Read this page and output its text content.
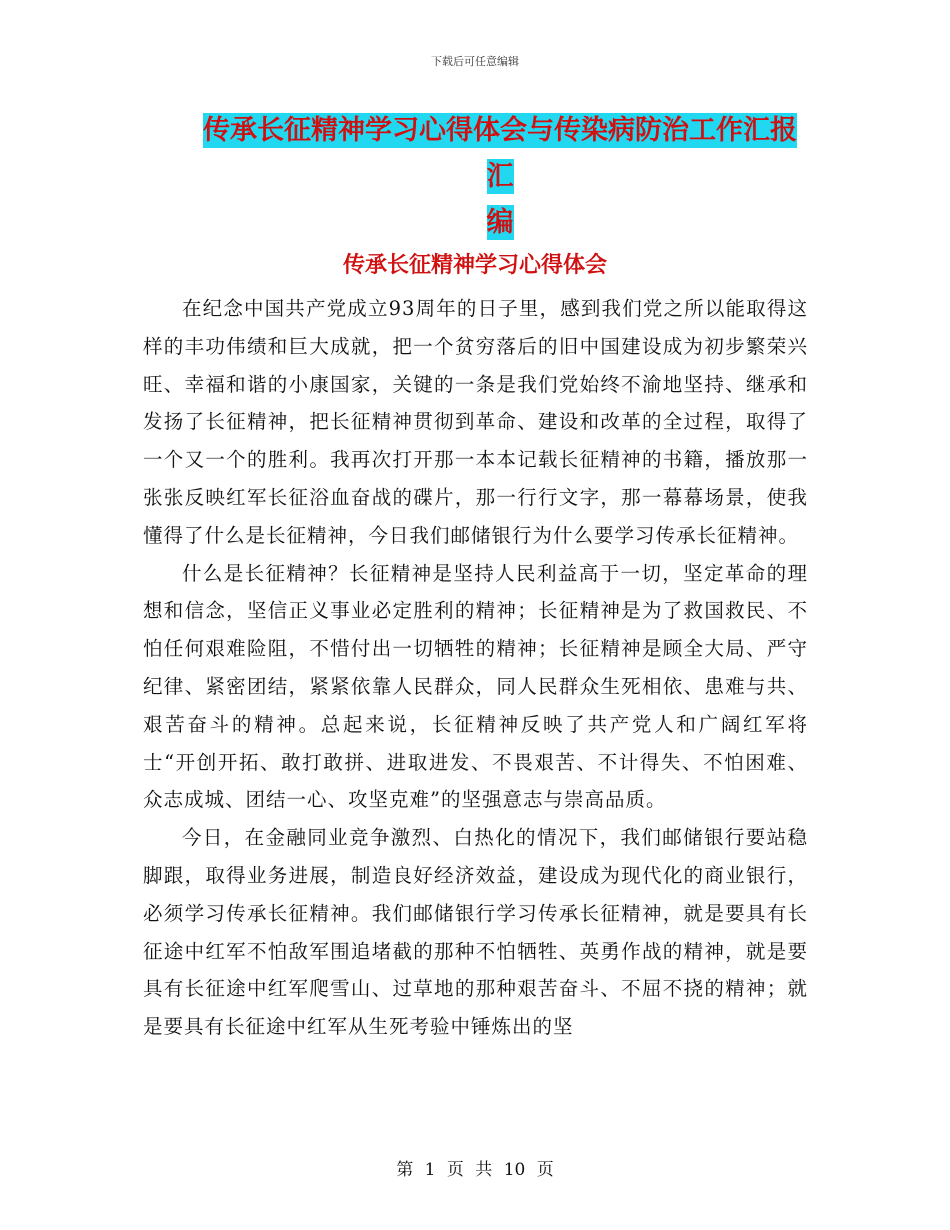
下载后可任意编辑
传承长征精神学习心得体会与传染病防治工作汇报汇
编
传承长征精神学习心得体会

在纪念中国共产党成立93周年的日子里，感到我们党之所以能取得这样的丰功伟绩和巨大成就，把一个贫穷落后的旧中国建设成为初步繁荣兴旺、幸福和谐的小康国家，关键的一条是我们党始终不渝地坚持、继承和发扬了长征精神，把长征精神贯彻到革命、建设和改革的全过程，取得了一个又一个的胜利。我再次打开那一本本记载长征精神的书籍，播放那一张张反映红军长征浴血奋战的碟片，那一行行文字，那一幕幕场景，使我懂得了什么是长征精神，今日我们邮储银行为什么要学习传承长征精神。

什么是长征精神？长征精神是坚持人民利益高于一切，坚定革命的理想和信念，坚信正义事业必定胜利的精神；长征精神是为了救国救民、不怕任何艰难险阻，不惜付出一切牺牲的精神；长征精神是顾全大局、严守纪律、紧密团结，紧紧依靠人民群众，同人民群众生死相依、患难与共、艰苦奋斗的精神。总起来说，长征精神反映了共产党人和广阔红军将士“开创开拓、敢打敢拼、进取进发、不畏艰苦、不计得失、不怕困难、众志成城、团结一心、攻坚克难”的坚强意志与崇高品质。

今日，在金融同业竞争激烈、白热化的情况下，我们邮储银行要站稳脚跟，取得业务进展，制造良好经济效益，建设成为现代化的商业银行，必须学习传承长征精神。我们邮储银行学习传承长征精神，就是要具有长征途中红军不怕敌军围追堵截的那种不怕牺牲、英勇作战的精神，就是要具有长征途中红军爬雪山、过草地的那种艰苦奋斗、不屈不挠的精神；就是要具有长征途中红军从生死考验中锤炼出的坚

第 1 页 共 10 页
